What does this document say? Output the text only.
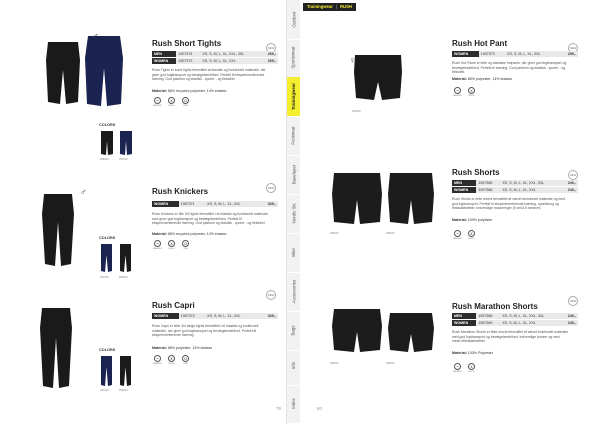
♂
Rush Short Tights	NEW
MEN	1907374	XS, S, M, L, XL, XXL, 3XL	269,-
WOMEN	1907373	XS, S, M, L, XL, XXL	269,-
Rush Tights er korte tights fremstillet af elastisk og funktionelt materiale, der giver god fugttransport og bevægelsesfrihed. Perfekt til eksperimenterende træning. God pasform og elastisk - sporer - og fleksibel.
Material: 86% recycled polyester, 14% elastan
~
MASKIN
x
BLEG
o
TØR
COLORS
999000	391000
♂	Rush Knickers	NEW
WOMEN	1907371	XS, S, M, L, XL, XXL	329,-
Rush Knickers er tille 3/4 tights fremstillet i et elastisk og funktionelt materiale, som giver god fugttransport og bevægelsesfrihed. Perfekt til eksperimenterende træning. God pasform og elastisk - sporer - og fleksibel.
Material: 86% recycled polyester, 14% elastan
~
MASKIN
x
BLEG
o
TØR
COLORS
391000	999000
Rush Capri
NEW
WOMEN	1907372	XS, S, M, L, XL, XXL	329,-
Rush Capri er lette 3/4 lange tights fremstillet i et elastisk og funktionelt materiale, der giver god fugttransport og bevægelsesfrihed. Perfekt til eksperimenterende træning.
Material: 86% polyester, 14% elastan
~
MASKIN
x
BLEG
o
TØR
COLORS
391000	999000
79
Outdoor
Sportswear
Trainingwear
Footwear
Baselayer
Nordic Ski
Bike
Accessories
Bags
Info
Index
Trainingwear | RUSH
999000
Rush Hot Pant
♀
NEW
WOMEN	1907373	XS, S, M, L, XL, XXL	259,-
Rush Hot Pants er lette og elastiske hotpants, der giver god fugttransport og bevægelsesfrihed. Perfekt til træning. God pasform og elastisk - sporer - og fleksibel.
Material: 86% polyester, 14% elastan
~
MASKIN
x
BLEG
999000	999000
Rush Shorts	NEW
MEN	1907365	XS, S, M, L, XL, XXL, 3XL	249,-
WOMEN	1907366	XS, S, M, L, XL, XXL	249,-
Rush Shorts er lette shorts fremstillet af vævet funktionelt materiale og med god fugttransport. Perfekt til eksperimenterende træning, sportsbrug og fritidsaktiviteter. Indvendige trusseringer (5 cm/3.5 tommer).
Material: 100% polyester
~
MASKIN
x
BLEG
999000	999000
Rush Marathon Shorts
NEW
MEN	1907368	XS, S, M, L, XL, XXL, 3XL	249,-
WOMEN	1907369	XS, S, M, L, XL, XXL	249,-
Rush Marathon Shorts er lette shorts fremstillet af vævet funktionelt materiale med god fugttransport og bevægelsesfrihed. Indvendige trusser og med mesh-/fritidsaktiviteter.
Material: 100% Polyester
~
MASKIN
x
BLEG
80
